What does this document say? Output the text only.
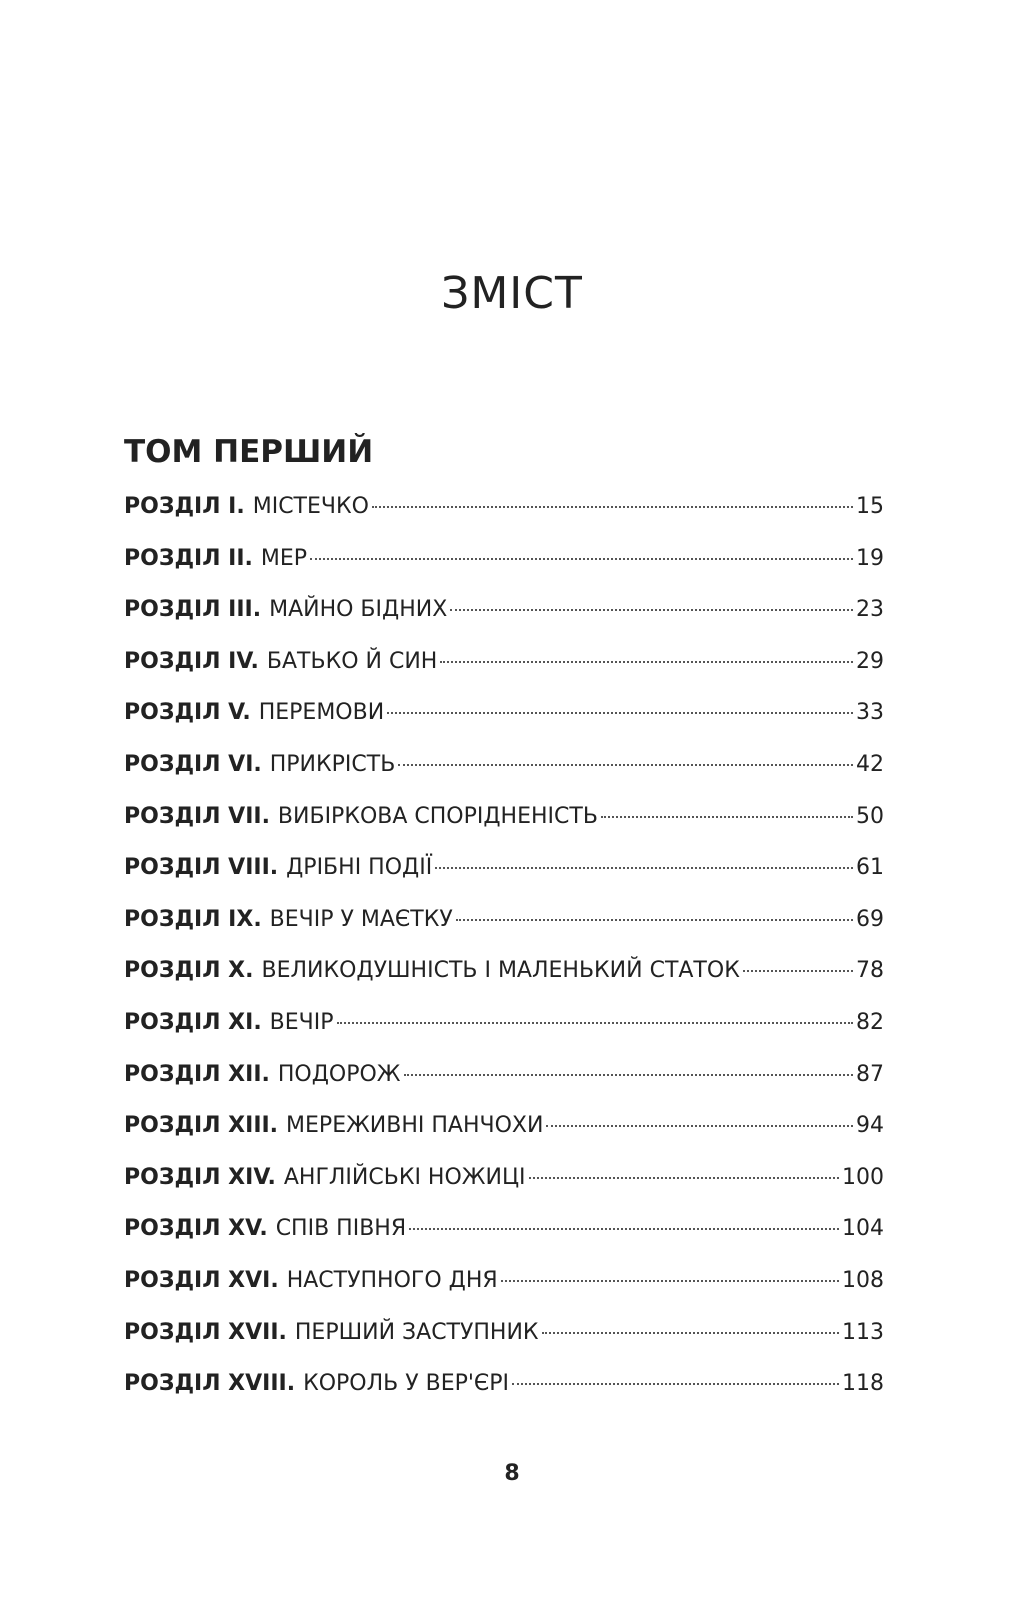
ЗМІСТ
ТОМ ПЕРШИЙ
РОЗДІЛ I. МІСТЕЧКО	15
РОЗДІЛ II. МЕР	19
РОЗДІЛ III. МАЙНО БІДНИХ	23
РОЗДІЛ IV. БАТЬКО Й СИН	29
РОЗДІЛ V. ПЕРЕМОВИ	33
РОЗДІЛ VI. ПРИКРІСТЬ	42
РОЗДІЛ VII. ВИБІРКОВА СПОРІДНЕНІСТЬ	50
РОЗДІЛ VIII. ДРІБНІ ПОДІЇ	61
РОЗДІЛ IX. ВЕЧІР У МАЄТКУ	69
РОЗДІЛ X. ВЕЛИКОДУШНІСТЬ І МАЛЕНЬКИЙ СТАТОК	78
РОЗДІЛ XI. ВЕЧІР	82
РОЗДІЛ XII. ПОДОРОЖ	87
РОЗДІЛ XIII. МЕРЕЖИВНІ ПАНЧОХИ	94
РОЗДІЛ XIV. АНГЛІЙСЬКІ НОЖИЦІ	100
РОЗДІЛ XV. СПІВ ПІВНЯ	104
РОЗДІЛ XVI. НАСТУПНОГО ДНЯ	108
РОЗДІЛ XVII. ПЕРШИЙ ЗАСТУПНИК	113
РОЗДІЛ XVIII. КОРОЛЬ У ВЕР'ЄРІ	118
8
